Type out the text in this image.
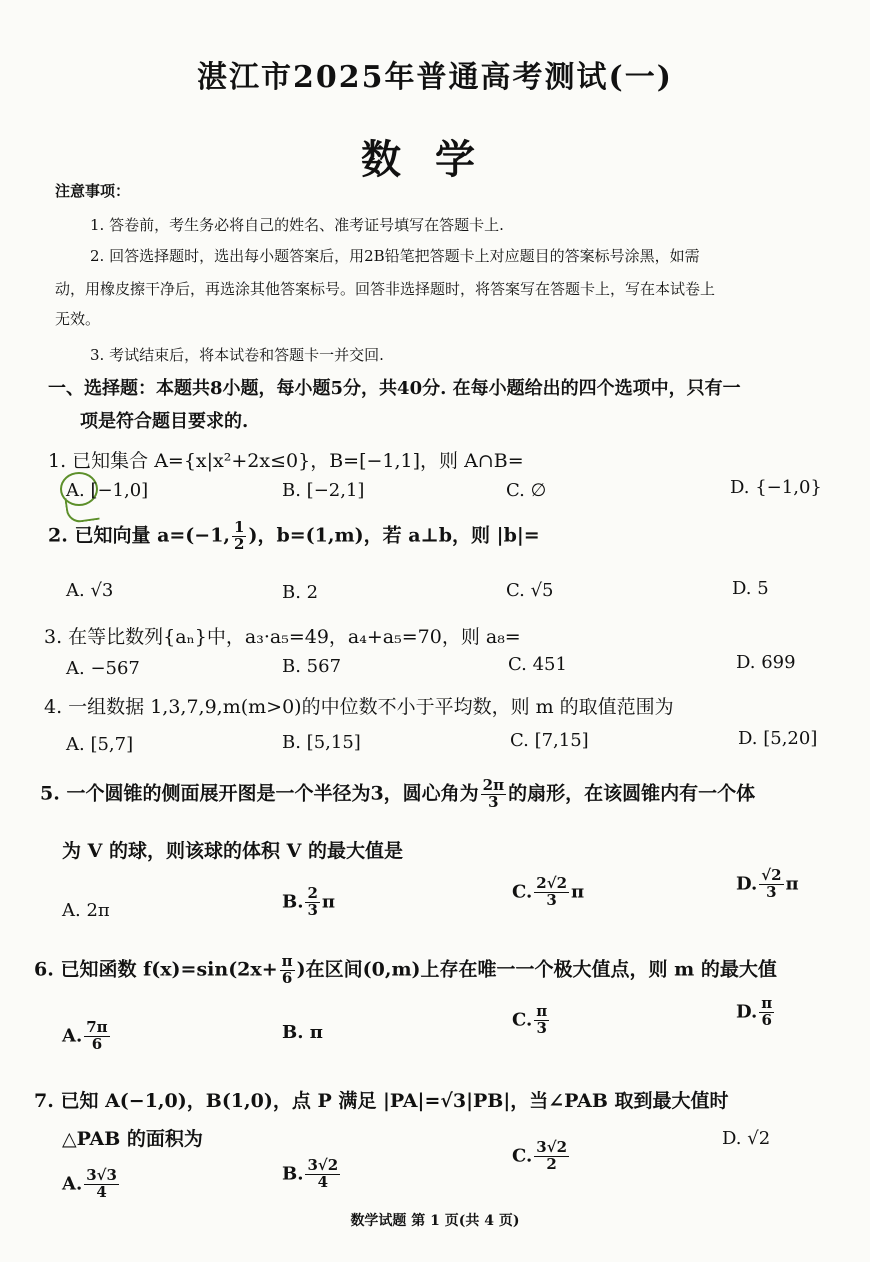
湛江市2025年普通高考测试(一)
数学
注意事项：
1. 答卷前，考生务必将自己的姓名、准考证号填写在答题卡上.
2. 回答选择题时，选出每小题答案后，用2B铅笔把答题卡上对应题目的答案标号涂黑，如需
动，用橡皮擦干净后，再选涂其他答案标号。回答非选择题时，将答案写在答题卡上，写在本试卷上
无效。
3. 考试结束后，将本试卷和答题卡一并交回.
一、选择题：本题共8小题，每小题5分，共40分. 在每小题给出的四个选项中，只有一
项是符合题目要求的.
1. 已知集合 A={x|x²+2x≤0}，B=[−1,1]，则 A∩B=
A. [−1,0]	B. [−2,1]	C. ∅	D. {−1,0}
2. 已知向量 a=(−1, $\frac{1}{2}$ )，b=(1,m)，若 a⊥b，则 |b|=
A. √3	B. 2	C. √5	D. 5
3. 在等比数列{aₙ}中，a₃·a₅=49，a₄+a₅=70，则 a₈=
A. −567	B. 567	C. 451	D. 699
4. 一组数据 1,3,7,9,m(m>0)的中位数不小于平均数，则 m 的取值范围为
A. [5,7]	B. [5,15]	C. [7,15]	D. [5,20]
5. 一个圆锥的侧面展开图是一个半径为3，圆心角为 $\frac{2\pi}{3}$ 的扇形，在该圆锥内有一个体
为 V 的球，则该球的体积 V 的最大值是
A. 2π	B. $\frac{2}{3}$ π	C. $\frac{2√2}{3}$ π	D. $\frac{√2}{3}$ π
6. 已知函数 $f(x)=\sin(2x+ \frac{\pi}{6}$ )在区间(0,m)上存在唯一一个极大值点，则 m 的最大值
A. $\frac{7\pi}{6}$	B. π
C. $\frac{\pi}{3}$	D. $\frac{\pi}{6}$
7. 已知 A(−1,0)，B(1,0)，点 P 满足 |PA|=√3|PB|，当∠PAB 取到最大值时
△PAB 的面积为
A. $\frac{3√3}{4}$	B. $\frac{3√2}{4}$
C. $\frac{3√2}{2}$
D. √2
数学试题 第 1 页(共 4 页)
